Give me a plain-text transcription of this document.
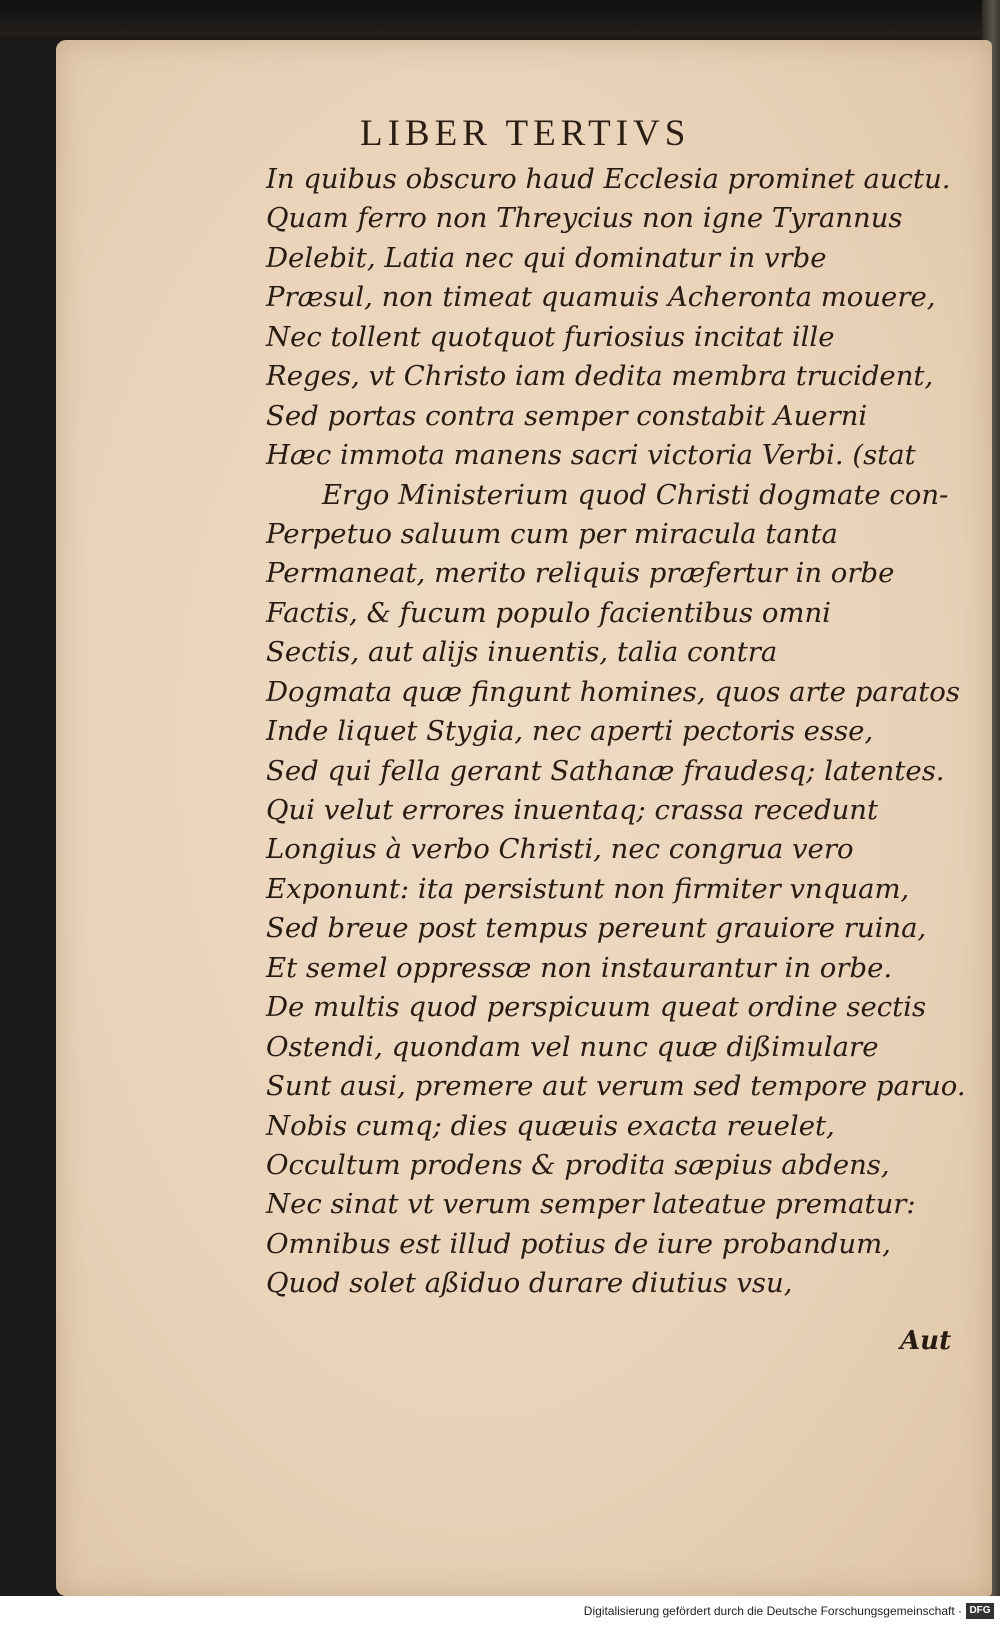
LIBER TERTIVS
In quibus obscuro haud Ecclesia prominet auctu.
Quam ferro non Threycius non igne Tyrannus
Delebit, Latia nec qui dominatur in vrbe
Præsul, non timeat quamuis Acheronta mouere,
Nec tollent quotquot furiosius incitat ille
Reges, vt Christo iam dedita membra trucident,
Sed portas contra semper constabit Auerni
Hæc immota manens sacri victoria Verbi. (stat
Ergo Ministerium quod Christi dogmate con-
Perpetuo saluum cum per miracula tanta
Permaneat, merito reliquis præfertur in orbe
Factis, & fucum populo facientibus omni
Sectis, aut alijs inuentis, talia contra
Dogmata quæ fingunt homines, quos arte paratos
Inde liquet Stygia, nec aperti pectoris esse,
Sed qui fella gerant Sathanæ fraudesq; latentes.
Qui velut errores inuentaq; crassa recedunt
Longius à verbo Christi, nec congrua vero
Exponunt: ita persistunt non firmiter vnquam,
Sed breue post tempus pereunt grauiore ruina,
Et semel oppressæ non instaurantur in orbe.
De multis quod perspicuum queat ordine sectis
Ostendi, quondam vel nunc quæ dißimulare
Sunt ausi, premere aut verum sed tempore paruo.
Nobis cumq; dies quæuis exacta reuelet,
Occultum prodens & prodita sæpius abdens,
Nec sinat vt verum semper lateatue prematur:
Omnibus est illud potius de iure probandum,
Quod solet aßiduo durare diutius vsu,
Aut
Digitalisierung gefördert durch die Deutsche Forschungsgemeinschaft · DFG
